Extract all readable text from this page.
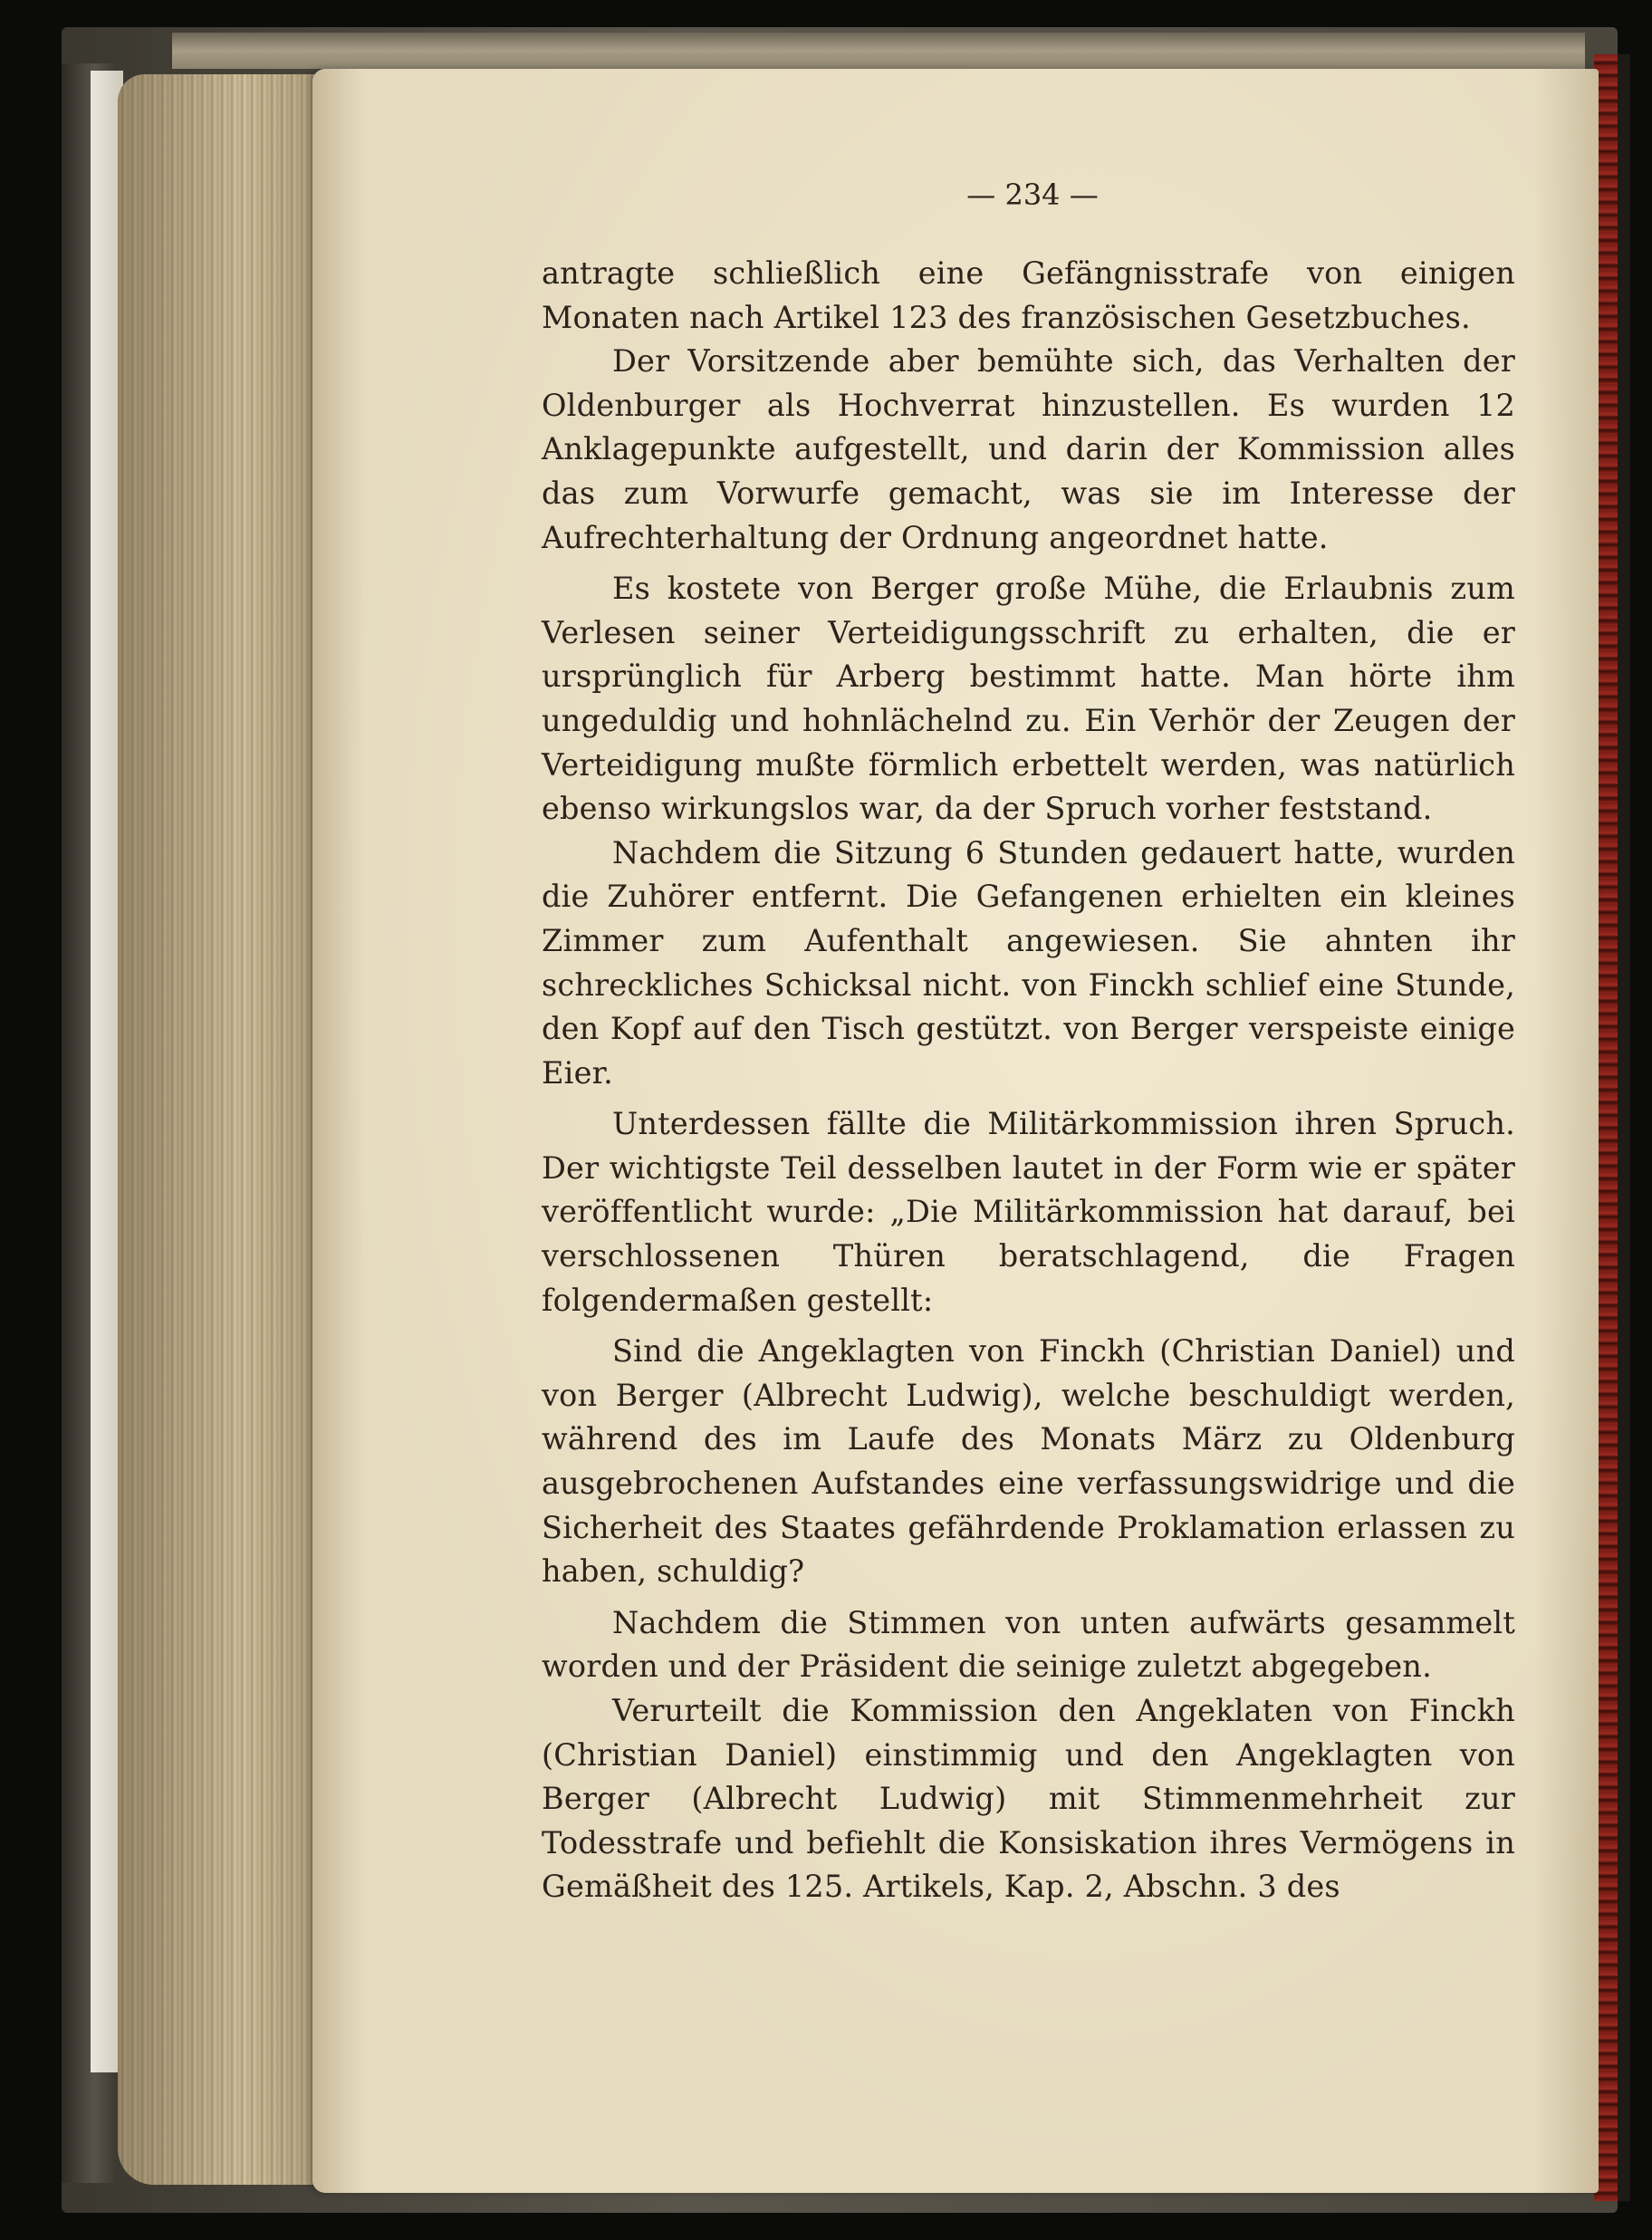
— 234 —

antragte schließlich eine Gefängnisstrafe von einigen Monaten nach Artikel 123 des französischen Gesetzbuches.

Der Vorsitzende aber bemühte sich, das Verhalten der Oldenburger als Hochverrat hinzustellen. Es wurden 12 Anklagepunkte aufgestellt, und darin der Kommission alles das zum Vorwurfe gemacht, was sie im Interesse der Aufrechterhaltung der Ordnung angeordnet hatte.

Es kostete von Berger große Mühe, die Erlaubnis zum Verlesen seiner Verteidigungsschrift zu erhalten, die er ursprünglich für Arberg bestimmt hatte. Man hörte ihm ungeduldig und hohnlächelnd zu. Ein Verhör der Zeugen der Verteidigung mußte förmlich erbettelt werden, was natürlich ebenso wirkungslos war, da der Spruch vorher feststand.

Nachdem die Sitzung 6 Stunden gedauert hatte, wurden die Zuhörer entfernt. Die Gefangenen erhielten ein kleines Zimmer zum Aufenthalt angewiesen. Sie ahnten ihr schreckliches Schicksal nicht. von Finckh schlief eine Stunde, den Kopf auf den Tisch gestützt. von Berger verspeiste einige Eier.

Unterdessen fällte die Militärkommission ihren Spruch. Der wichtigste Teil desselben lautet in der Form wie er später veröffentlicht wurde: „Die Militärkommission hat darauf, bei verschlossenen Thüren beratschlagend, die Fragen folgendermaßen gestellt:

Sind die Angeklagten von Finckh (Christian Daniel) und von Berger (Albrecht Ludwig), welche beschuldigt werden, während des im Laufe des Monats März zu Oldenburg ausgebrochenen Aufstandes eine verfassungswidrige und die Sicherheit des Staates gefährdende Proklamation erlassen zu haben, schuldig?

Nachdem die Stimmen von unten aufwärts gesammelt worden und der Präsident die seinige zuletzt abgegeben.

Verurteilt die Kommission den Angeklaten von Finckh (Christian Daniel) einstimmig und den Angeklagten von Berger (Albrecht Ludwig) mit Stimmenmehrheit zur Todesstrafe und befiehlt die Konsiskation ihres Vermögens in Gemäßheit des 125. Artikels, Kap. 2, Abschn. 3 des
